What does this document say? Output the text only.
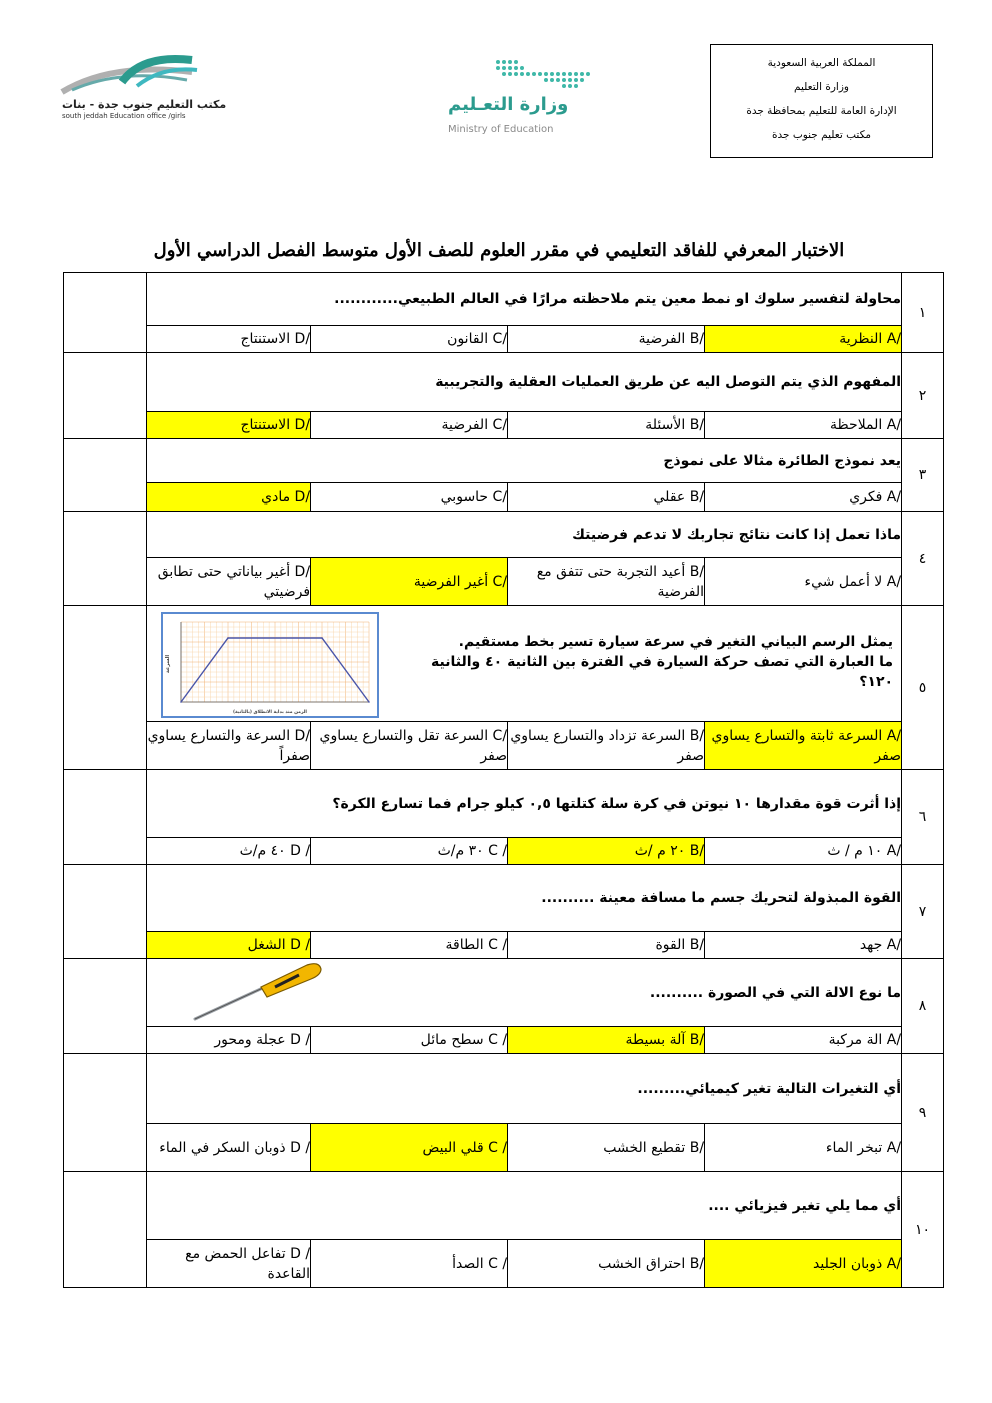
مكتب التعليم جنوب جدة - بنات
south jeddah Education office /girls
وزارة التعـليم
Ministry of Education
المملكة العربية السعودية
وزارة التعليم
الإدارة العامة للتعليم بمحافظة جدة
مكتب تعليم جنوب جدة
الاختبار المعرفي للفاقد التعليمي في مقرر العلوم للصف الأول متوسط الفصل الدراسي الأول
١	محاولة لتفسير سلوك او نمط معين يتم ملاحظته مرارًا في العالم الطبيعي............				
	A/ النظرية	B/ الفرضية	C/ القانون	D/ الاستنتاج	
٢	المفهوم الذي يتم التوصل اليه عن طريق العمليات العقلية والتجريبية				
	A/ الملاحظة	B/ الأسئلة	C/ الفرضية	D/ الاستنتاج	
٣	يعد نموذج الطائرة مثالا على نموذج				
	A/ فكري	B/ عقلي	C/ حاسوبي	D/ مادي	
٤	ماذا تعمل إذا كانت نتائج تجاربك لا تدعم فرضيتك				
	A/ لا أعمل شيء	B/ أعيد التجربة حتى تتفق مع الفرضية	C/ أغير الفرضية	D/ أغير بياناتي حتى تطابق فرضيتي	
٥	يمثل الرسم البياني التغير في سرعة سيارة تسير بخط مستقيم.
ما العبارة التي تصف حركة السيارة في الفترة بين الثانية ٤٠ والثانية ١٢٠؟
السرعة
الزمن منذ بداية الانطلاق (بالثانية)				

	A/ السرعة ثابتة والتسارع يساوي صفر	B/ السرعة تزداد والتسارع يساوي صفر	C/ السرعة تقل والتسارع يساوي صفر	D/ السرعة والتسارع يساوي صفراً	
٦	إذا أثرت قوة مقدارها ١٠ نيوتن في كرة سلة كتلتها ٠,٥ كيلو جرام فما تسارع الكرة؟				
	A/ ١٠ م / ث	B/ ٢٠ م /ث	C / ٣٠ م/ث	D / ٤٠ م/ث	
٧	القوة المبذولة لتحريك جسم ما مسافة معينة ..........				
	A/ جهد	B/ القوة	C / الطاقة	D / الشغل	
٨	ما نوع الالة التي في الصورة ..........			

	A/ الة مركبة	B/ آلة بسيطة	C / سطح مائل	D / عجلة ومحور	
٩	أي التغيرات التالية تغير كيميائي.........				
	A/ تبخر الماء	B/ تقطيع الخشب	C / قلي البيض	D / ذوبان السكر في الماء	
١٠	أي مما يلي تغير فيزيائي ....				
	A/ ذوبان الجليد	B/ احتراق الخشب	C / الصدأ	D / تفاعل الحمض مع القاعدة	
